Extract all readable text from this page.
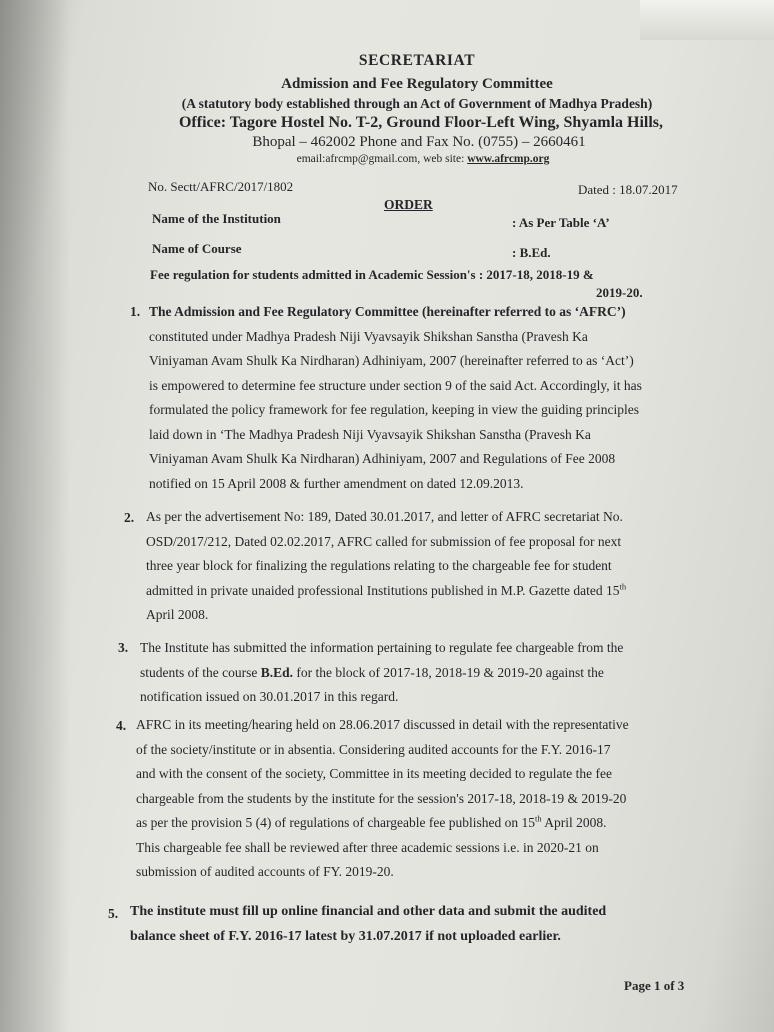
SECRETARIAT
Admission and Fee Regulatory Committee
(A statutory body established through an Act of Government of Madhya Pradesh)
Office: Tagore Hostel No. T-2, Ground Floor-Left Wing, Shyamla Hills,
Bhopal – 462002 Phone and Fax No. (0755) – 2660461
email:afrcmp@gmail.com, web site: www.afrcmp.org
No. Sectt/AFRC/2017/1802	Dated : 18.07.2017
ORDER
Name of the Institution	: As Per Table ‘A’
Name of Course	: B.Ed.
Fee regulation for students admitted in Academic Session's : 2017-18, 2018-19 &
2019-20.
1. The Admission and Fee Regulatory Committee (hereinafter referred to as ‘AFRC’)
constituted under Madhya Pradesh Niji Vyavsayik Shikshan Sanstha (Pravesh Ka
Viniyaman Avam Shulk Ka Nirdharan) Adhiniyam, 2007 (hereinafter referred to as ‘Act’)
is empowered to determine fee structure under section 9 of the said Act. Accordingly, it has
formulated the policy framework for fee regulation, keeping in view the guiding principles
laid down in ‘The Madhya Pradesh Niji Vyavsayik Shikshan Sanstha (Pravesh Ka
Viniyaman Avam Shulk Ka Nirdharan) Adhiniyam, 2007 and Regulations of Fee 2008
notified on 15 April 2008 & further amendment on dated 12.09.2013.
2. As per the advertisement No: 189, Dated 30.01.2017, and letter of AFRC secretariat No.
OSD/2017/212, Dated 02.02.2017, AFRC called for submission of fee proposal for next
three year block for finalizing the regulations relating to the chargeable fee for student
admitted in private unaided professional Institutions published in M.P. Gazette dated 15th
April 2008.
3. The Institute has submitted the information pertaining to regulate fee chargeable from the
students of the course B.Ed. for the block of 2017-18, 2018-19 & 2019-20 against the
notification issued on 30.01.2017 in this regard.
4. AFRC in its meeting/hearing held on 28.06.2017 discussed in detail with the representative
of the society/institute or in absentia. Considering audited accounts for the F.Y. 2016-17
and with the consent of the society, Committee in its meeting decided to regulate the fee
chargeable from the students by the institute for the session's 2017-18, 2018-19 & 2019-20
as per the provision 5 (4) of regulations of chargeable fee published on 15th April 2008.
This chargeable fee shall be reviewed after three academic sessions i.e. in 2020-21 on
submission of audited accounts of FY. 2019-20.
5. The institute must fill up online financial and other data and submit the audited
balance sheet of F.Y. 2016-17 latest by 31.07.2017 if not uploaded earlier.
Page 1 of 3
